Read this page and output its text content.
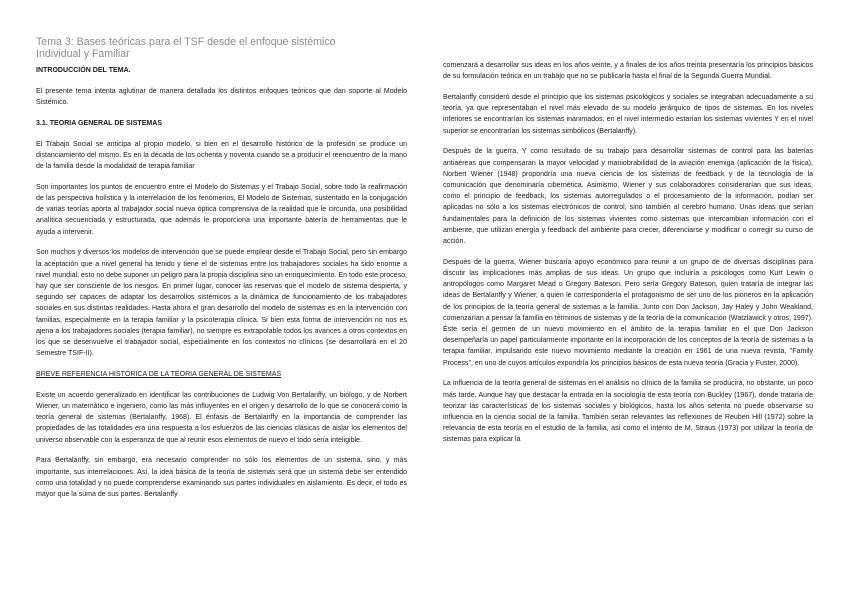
Tema 3: Bases teóricas para el TSF desde el enfoque sistémico
Individual y Familiar
INTRODUCCIÓN DEL TEMA.

El presente tema intenta aglutinar de manera detallada los distintos enfoques teóricos que dan soporte al Modelo Sistémico.

3.1. TEORIA GENERAL DE SISTEMAS

El Trabajo Social se anticipa al propio modelo, si bien en el desarrollo histórico de la profesión se produce un distanciamiento del mismo. Es en la década de los ochenta y noventa cuando se a producir el reencuentro de la mano de la familia desde la modalidad de terapia familiar

Son importantes los puntos de encuentro entre el Modelo do Sistemas y el Trabajo Social, sobre todo la reafirmación de las perspectiva holística y la interrelación de los fenómenos, El Modelo de Sistemas, sustentado en la conjugación de varias teorías aporta al trabajador social nueva óptica comprensiva de la realidad que le circunda, una posibilidad analítica secuenciada y estructurada, que además le proporciona una importante batería de herramientas que le ayuda a intervenir.

Son muchos y diversos los modelos de intervención que se puede emplear desde el Trabajo Social, pero sin embargo la aceptación que a nivel general ha tenido y tiene el de sistemas entre los trabajadores sociales ha sido enorme a nivel mundial; esto no debe suponer un peligro para la propia disciplina sino un enriquecimiento. En todo este proceso, hay que ser consciente de los riesgos. En primer lugar, conocer las reservas que el modelo de sistema despierta, y segundo ser capaces de adaptar los desarrollos sistémicos a la dinámica de funcionamiento de los trabajadores sociales en sus distintas realidades. Hasta ahora el gran desarrollo del modelo de sistemas es en la intervención con familias, especialmente en la terapia familiar y la psicoterapia clínica. Si bien esta forma de intervención no nos es ajena a los trabajadores sociales (terapia familiar), no siempre es extrapolable todos los avances a otros contextos en los que se desenvuelve el trabajador social, especialmente en los contextos no clínicos (se desarrollará en el 20 Semestre TSIF-II).

BREVE REFERENCIA HISTÓRICA DE LA TEORIA GENERAL DE SISTEMAS

Existe un acuerdo generalizado en identificar las contribuciones de Ludwig Von Bertalanffy, un biólogo, y de Norbert Wiener, un matemático e ingeniero, como las más influyentes en el origen y desarrollo de lo que se conocerá como la teoría general de sistemas (Bertalanffy, 1968). El énfasis de Bertalanffy en la importancia de comprender las propiedades de las totalidades era una respuesta a los esfuerzos de las ciencias clásicas de aislar los elementos del universo observable con la esperanza de que al reunir esos elementos de nuevo el todo sería inteligible.

Para Bertalanffy, sin embargo, era necesario comprender no sólo los elementos de un sistema, sino, y más importante, sus interrelaciones. Así, la idea básica de la teoría de sistemas será que un sistema debe ser entendido como una totalidad y no puede comprenderse examinando sus partes individuales en aislamiento. Es decir, el todo es mayor que la suma de sus partes. Bertalanffy

comenzará a desarrollar sus ideas en los años veinte, y a finales de los años treinta presentaría los principios básicos de su formulación teórica en un trabajo que no se publicaría hasta el final de la Segunda Guerra Mundial.

Bertalanffy consideró desde el principio que los sistemas psicológicos y sociales se integraban adecuadamente a su teoría, ya que representaban el nivel más elevado de su modelo jerárquico de tipos de sistemas. En los niveles inferiores se encontrarían los sistemas inanimados, en el nivel intermedio estarían los sistemas vivientes Y en el nivel superior se encontrarían los sistemas simbólicos (Bertalanffy).

Después de la guerra, Y como resultado de su trabajo para desarrollar sistemas de control para las baterías antiaéreas que compensaran la mayor velocidad y maniobrabilidad de la aviación enemiga (aplicación de la física), Norbert Wiener (1948) propondría una nueva ciencia de los sistemas de feedback y de la tecnología de la comunicación que denominaría cibernética. Asimismo, Wiener y sus colaboradores considerarían que sus ideas, como el principio de feedback, los sistemas autorregulados o el procesamiento de la información, podían ser aplicadas no sólo a los sistemas electrónicos de control, sino también al cerebro humano. Unas ideas que serían fundamentales para la definición de los sistemas vivientes como sistemas que intercambian información con el ambiente, que utilizan energía y feedback del ambiente para crecer, diferenciarse y modificar o corregir su curso de acción.

Después de la guerra, Wiener buscaría apoyo económico para reunir a un grupo de de diversas disciplinas para discutir las implicaciones más amplias de sus ideas. Un grupo que incluiría a psicólogos como Kurt Lewin o antropólogos como Margaret Mead o Gregory Bateson. Pero sería Gregory Bateson, quien trataría de integrar las ideas de Bertalanffy y Wiener, a quien le correspondería el protagonismo de ser uno de los pioneros en la aplicación de los principios de la teoría general de sistemas a la familia. Junto con Don Jackson, Jay Haley y John Weakland, comenzarían a pensar la familia en términos de sistemas y de la teoría de la comunicación (Watzlawick y otros, 1997). Éste sería el germen de un nuevo movimiento en el ámbito de la terapia familiar en el que Don Jackson desempeñaría un papel particularmente importante en la incorporación de los conceptos de la teoría de sistemas a la terapia familiar, impulsando este nuevo movimiento mediante la creación en 1961 de una nueva revista, "Family Process", en uno de cuyos artículos expondría los principios básicos de esta nueva teoría (Gracia y Fuster, 2000).

La influencia de la teoría general de sistemas en el análisis no clínico de la familia se producirá, no obstante, un poco más tarde. Aunque hay que destacar la entrada en la sociología de esta teoría con Buckley (1967), donde trataría de teorizar las características de los sistemas sociales y biológicos, hasta los años setenta no puede observarse su influencia en la ciencia social de la familia. También serán relevantes las reflexiones de Reuben Hill (1972) sobre la relevancia de esta teoría en el estudio de la familia, así como el intento de M. Straus (1973) por utilizar la teoría de sistemas para explicar la
